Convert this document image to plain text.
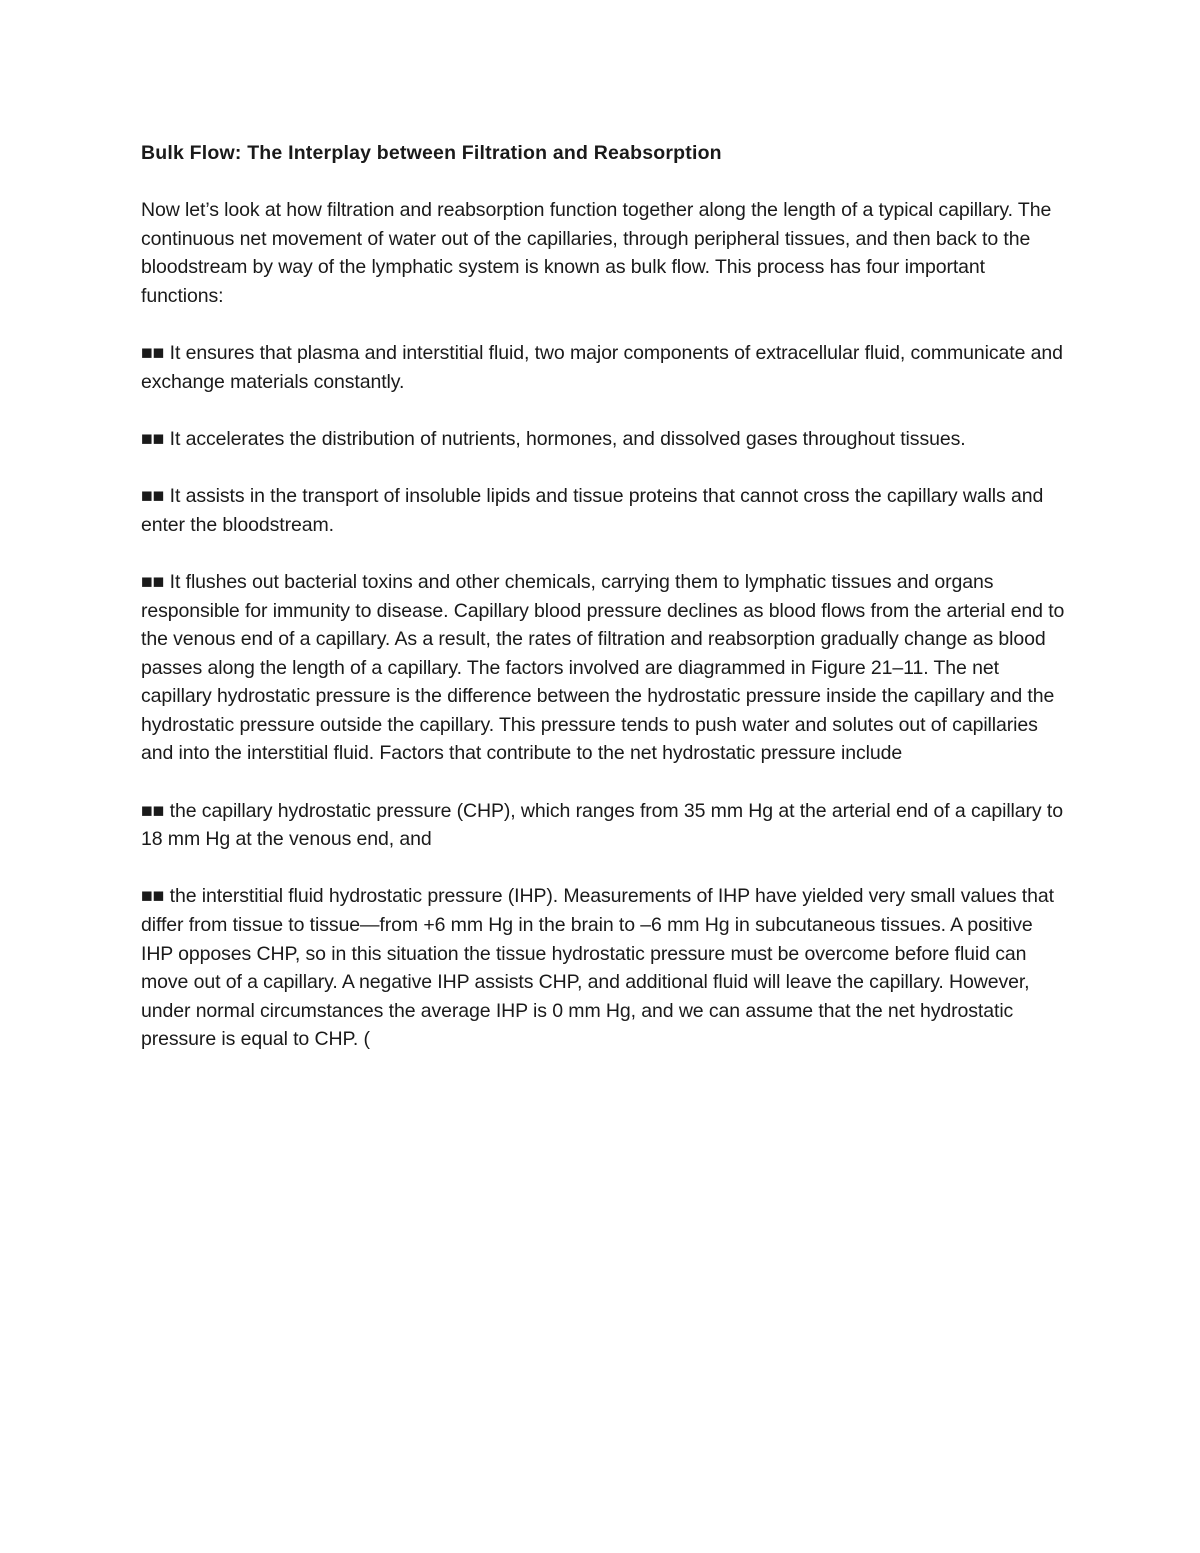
Bulk Flow: The Interplay between Filtration and Reabsorption
Now let’s look at how filtration and reabsorption function together along the length of a typical capillary. The continuous net movement of water out of the capillaries, through peripheral tissues, and then back to the bloodstream by way of the lymphatic system is known as bulk flow. This process has four important functions:
■■ It ensures that plasma and interstitial fluid, two major components of extracellular fluid, communicate and exchange materials constantly.
■■ It accelerates the distribution of nutrients, hormones, and dissolved gases throughout tissues.
■■ It assists in the transport of insoluble lipids and tissue proteins that cannot cross the capillary walls and enter the bloodstream.
■■ It flushes out bacterial toxins and other chemicals, carrying them to lymphatic tissues and organs responsible for immunity to disease. Capillary blood pressure declines as blood flows from the arterial end to the venous end of a capillary. As a result, the rates of filtration and reabsorption gradually change as blood passes along the length of a capillary. The factors involved are diagrammed in Figure 21–11. The net capillary hydrostatic pressure is the difference between the hydrostatic pressure inside the capillary and the hydrostatic pressure outside the capillary. This pressure tends to push water and solutes out of capillaries and into the interstitial fluid. Factors that contribute to the net hydrostatic pressure include
■■ the capillary hydrostatic pressure (CHP), which ranges from 35 mm Hg at the arterial end of a capillary to 18 mm Hg at the venous end, and
■■ the interstitial fluid hydrostatic pressure (IHP). Measurements of IHP have yielded very small values that differ from tissue to tissue—from +6 mm Hg in the brain to –6 mm Hg in subcutaneous tissues. A positive IHP opposes CHP, so in this situation the tissue hydrostatic pressure must be overcome before fluid can move out of a capillary. A negative IHP assists CHP, and additional fluid will leave the capillary. However, under normal circumstances the average IHP is 0 mm Hg, and we can assume that the net hydrostatic pressure is equal to CHP. (
